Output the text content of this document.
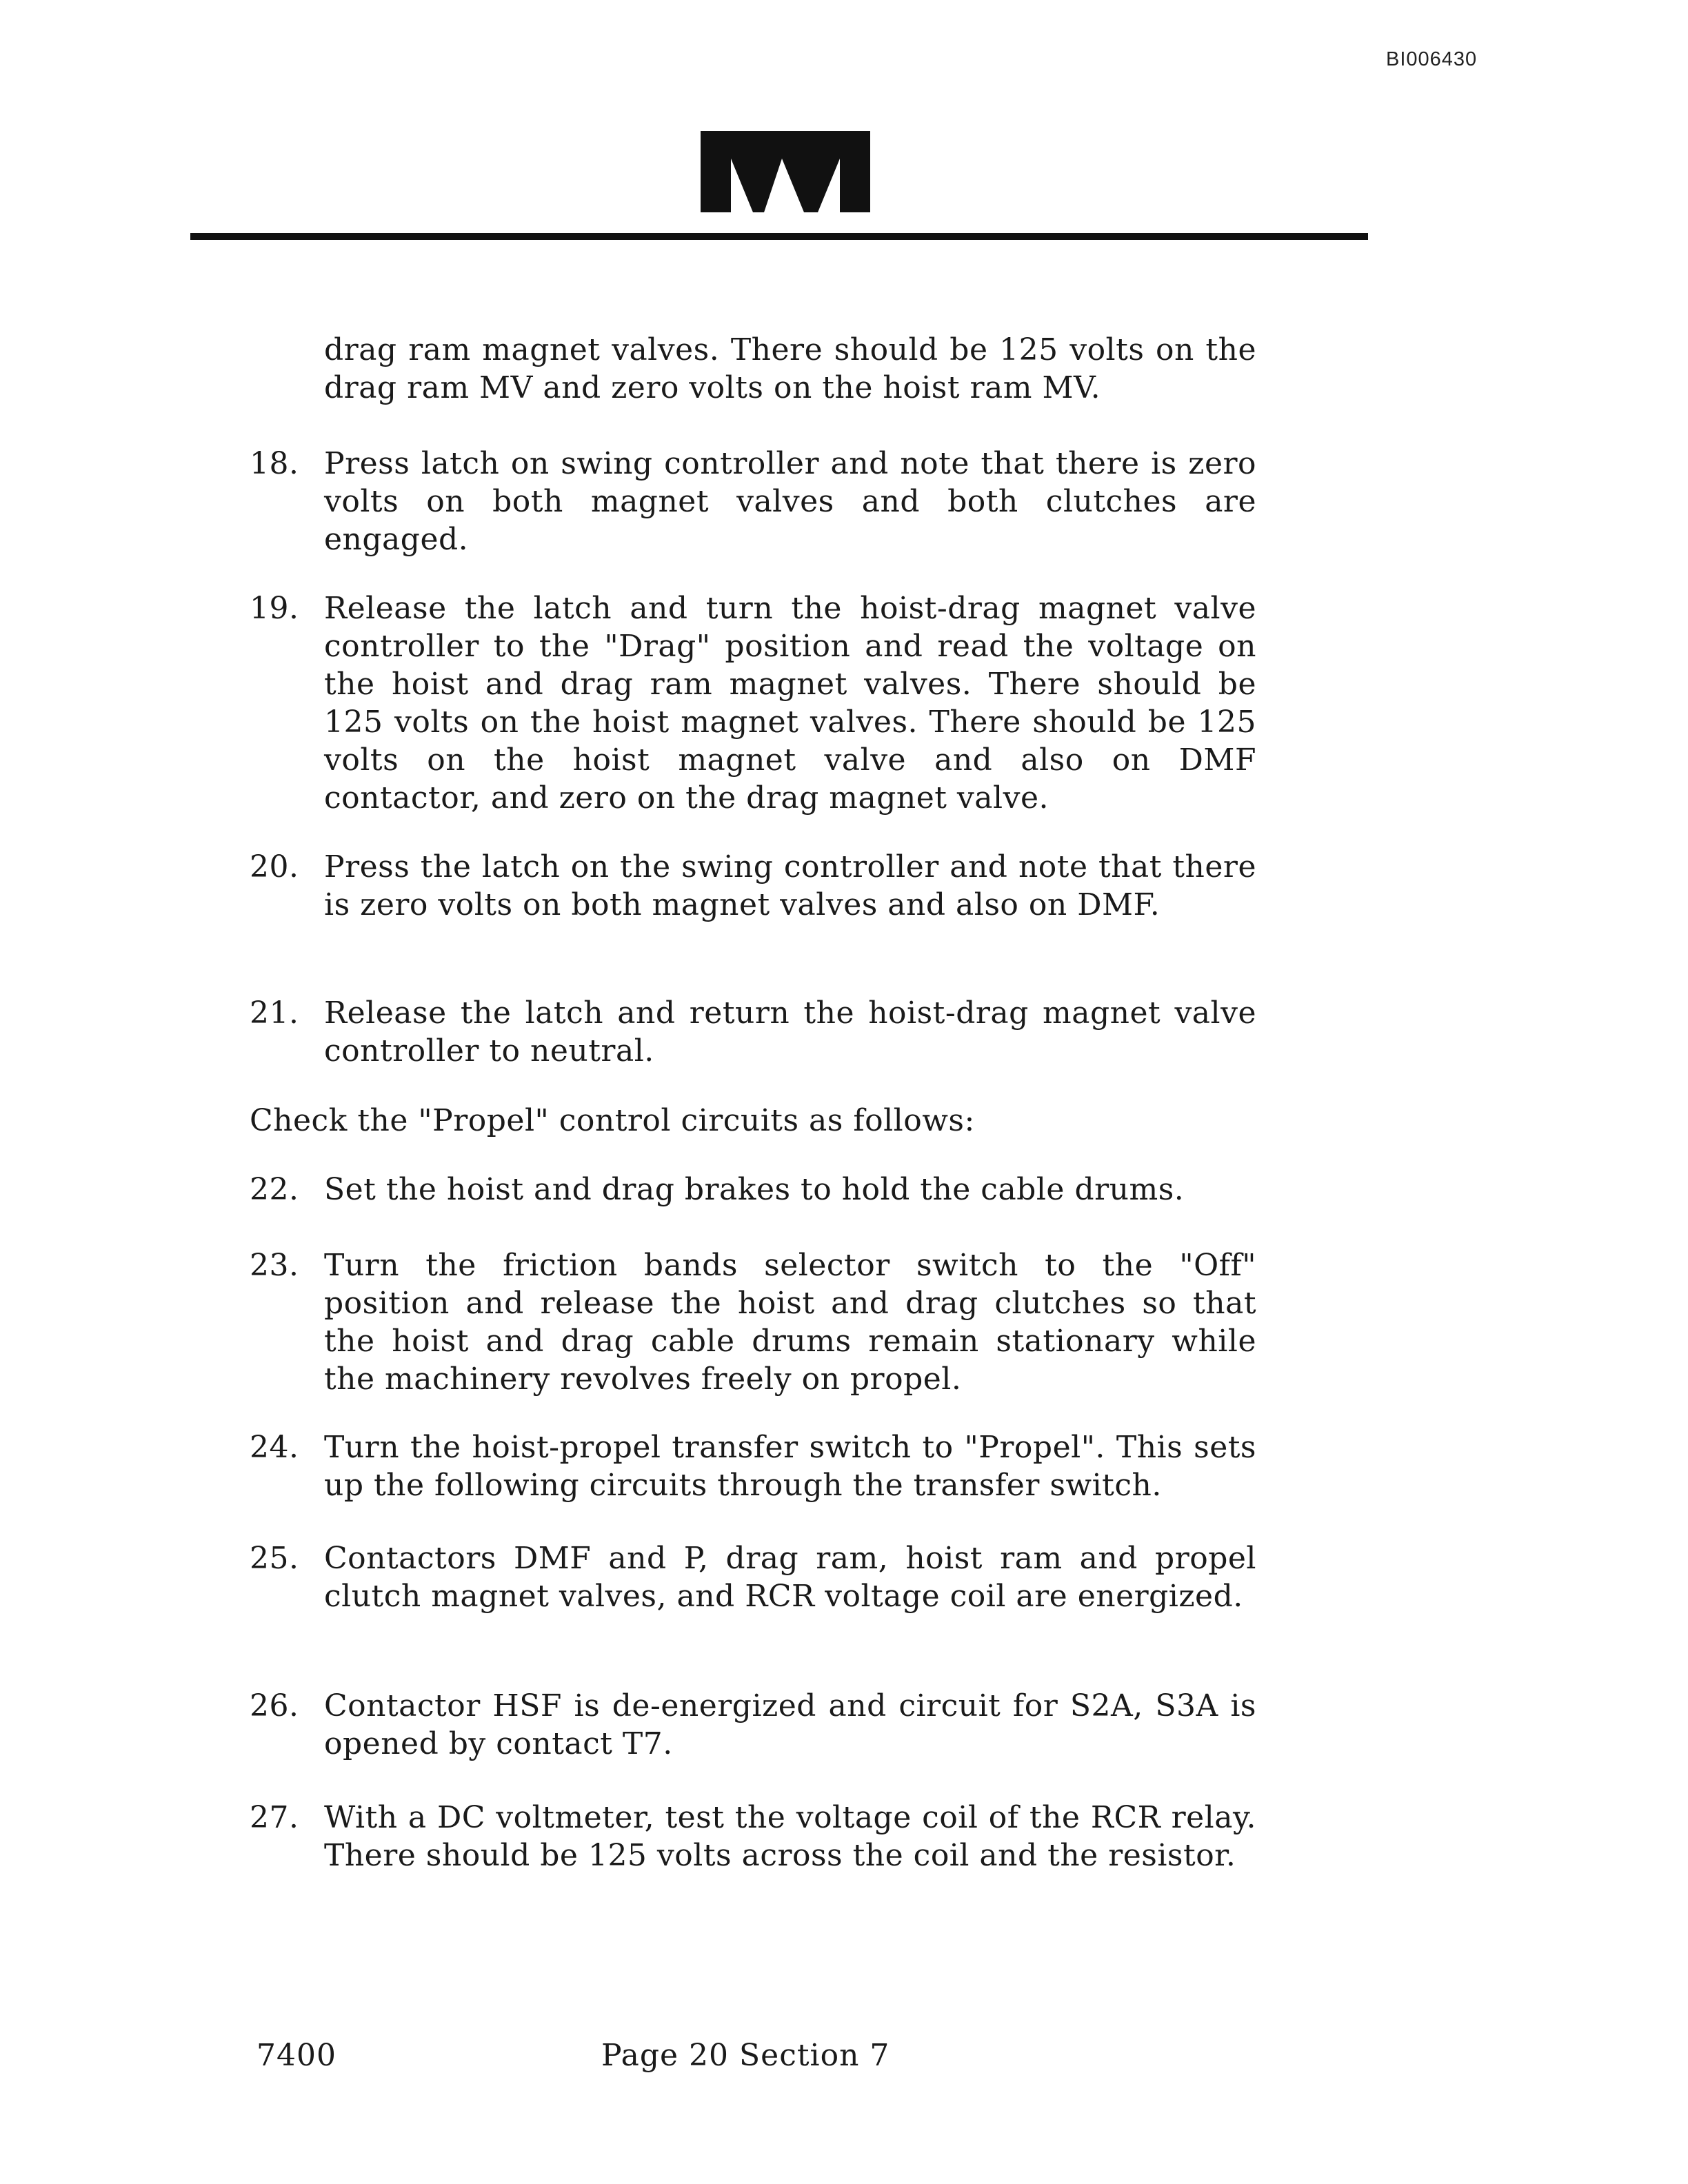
BI006430
drag ram magnet valves. There should be 125 volts on the drag ram MV and zero volts on the hoist ram MV.
18. Press latch on swing controller and note that there is zero volts on both magnet valves and both clutches are engaged.
19. Release the latch and turn the hoist-drag magnet valve controller to the "Drag" position and read the voltage on the hoist and drag ram magnet valves. There should be 125 volts on the hoist magnet valves. There should be 125 volts on the hoist magnet valve and also on DMF contactor, and zero on the drag magnet valve.
20. Press the latch on the swing controller and note that there is zero volts on both magnet valves and also on DMF.
21. Release the latch and return the hoist-drag magnet valve controller to neutral.
Check the "Propel" control circuits as follows:
22. Set the hoist and drag brakes to hold the cable drums.
23. Turn the friction bands selector switch to the "Off" position and release the hoist and drag clutches so that the hoist and drag cable drums remain stationary while the machinery revolves freely on propel.
24. Turn the hoist-propel transfer switch to "Propel". This sets up the following circuits through the transfer switch.
25. Contactors DMF and P, drag ram, hoist ram and propel clutch magnet valves, and RCR voltage coil are energized.
26. Contactor HSF is de-energized and circuit for S2A, S3A is opened by contact T7.
27. With a DC voltmeter, test the voltage coil of the RCR relay. There should be 125 volts across the coil and the resistor.
7400	Page 20 Section 7
